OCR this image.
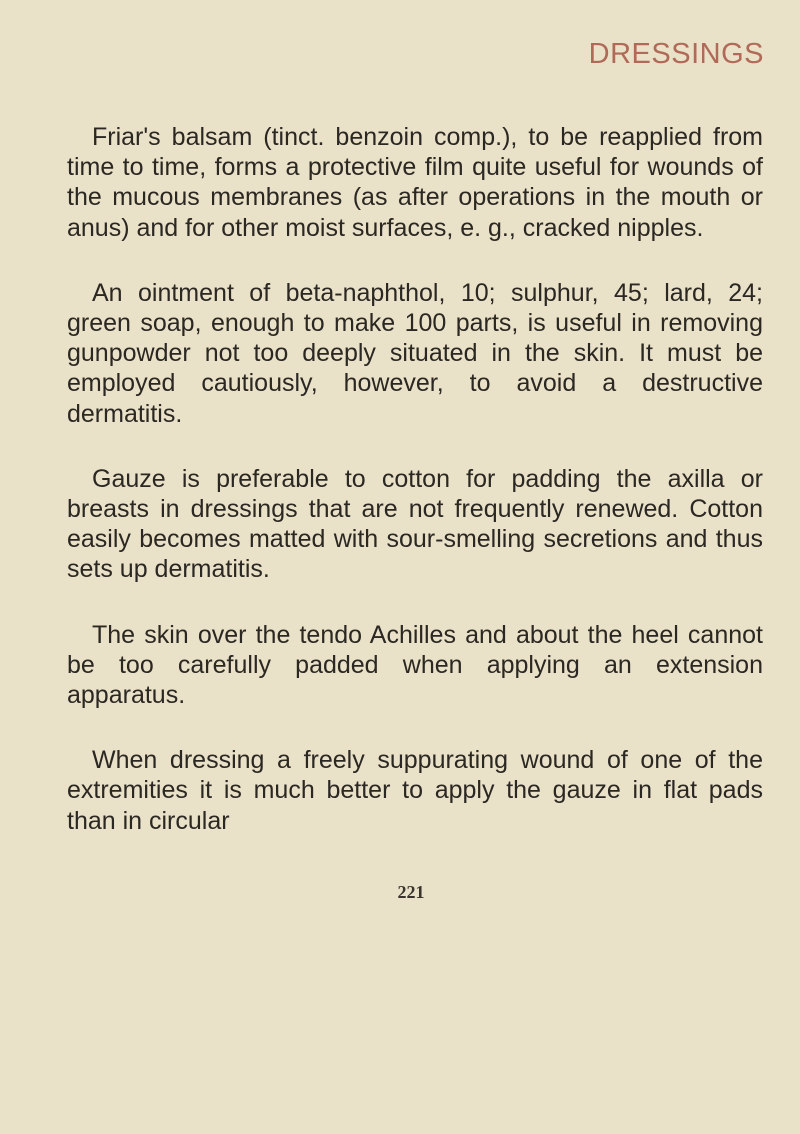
DRESSINGS

Friar's balsam (tinct. benzoin comp.), to be reapplied from time to time, forms a protective film quite useful for wounds of the mucous membranes (as after operations in the mouth or anus) and for other moist surfaces, e. g., cracked nipples.

An ointment of beta-naphthol, 10; sulphur, 45; lard, 24; green soap, enough to make 100 parts, is useful in removing gunpowder not too deeply situated in the skin. It must be employed cautiously, however, to avoid a destructive dermatitis.

Gauze is preferable to cotton for padding the axilla or breasts in dressings that are not frequently renewed. Cotton easily becomes matted with sour-smelling secretions and thus sets up dermatitis.

The skin over the tendo Achilles and about the heel cannot be too carefully padded when applying an extension apparatus.

When dressing a freely suppurating wound of one of the extremities it is much better to apply the gauze in flat pads than in circular

221
